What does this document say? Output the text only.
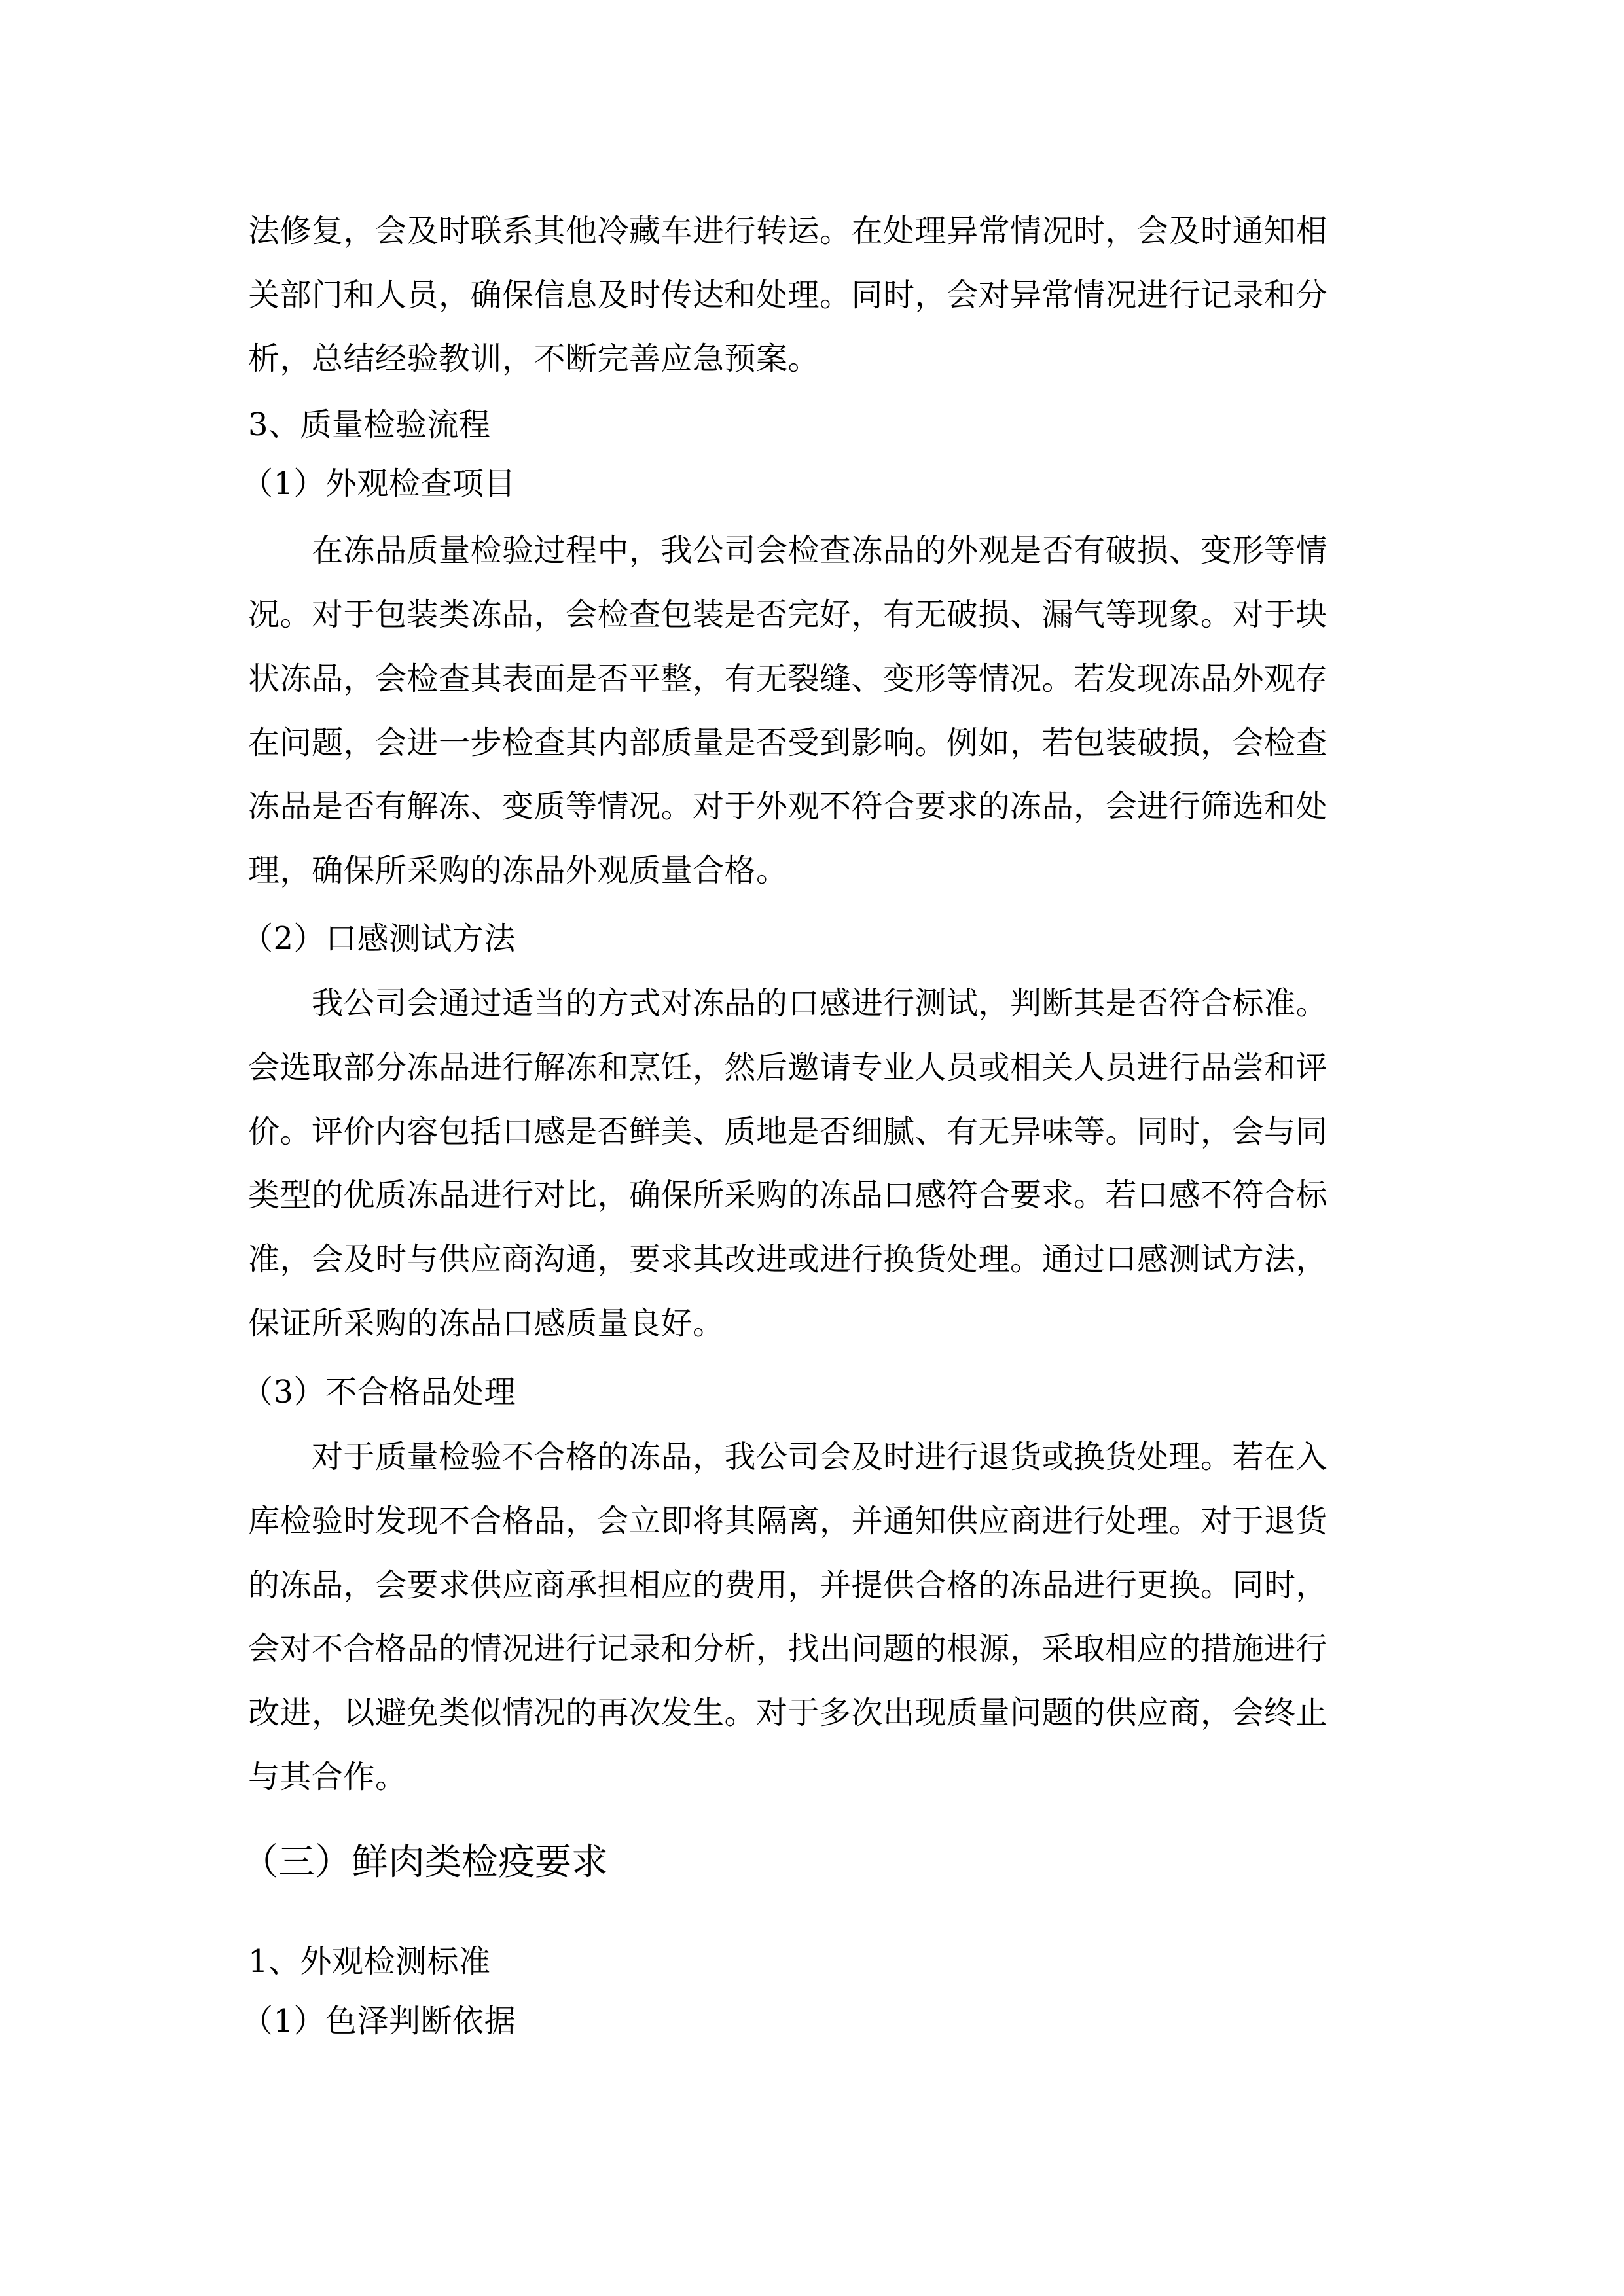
法修复，会及时联系其他冷藏车进行转运。在处理异常情况时，会及时通知相
关部门和人员，确保信息及时传达和处理。同时，会对异常情况进行记录和分
析，总结经验教训，不断完善应急预案。
3、质量检验流程
（1）外观检查项目
在冻品质量检验过程中，我公司会检查冻品的外观是否有破损、变形等情
况。对于包装类冻品，会检查包装是否完好，有无破损、漏气等现象。对于块
状冻品，会检查其表面是否平整，有无裂缝、变形等情况。若发现冻品外观存
在问题，会进一步检查其内部质量是否受到影响。例如，若包装破损，会检查
冻品是否有解冻、变质等情况。对于外观不符合要求的冻品，会进行筛选和处
理，确保所采购的冻品外观质量合格。
（2）口感测试方法
我公司会通过适当的方式对冻品的口感进行测试，判断其是否符合标准。
会选取部分冻品进行解冻和烹饪，然后邀请专业人员或相关人员进行品尝和评
价。评价内容包括口感是否鲜美、质地是否细腻、有无异味等。同时，会与同
类型的优质冻品进行对比，确保所采购的冻品口感符合要求。若口感不符合标
准，会及时与供应商沟通，要求其改进或进行换货处理。通过口感测试方法，
保证所采购的冻品口感质量良好。
（3）不合格品处理
对于质量检验不合格的冻品，我公司会及时进行退货或换货处理。若在入
库检验时发现不合格品，会立即将其隔离，并通知供应商进行处理。对于退货
的冻品，会要求供应商承担相应的费用，并提供合格的冻品进行更换。同时，
会对不合格品的情况进行记录和分析，找出问题的根源，采取相应的措施进行
改进，以避免类似情况的再次发生。对于多次出现质量问题的供应商，会终止
与其合作。
（三）鲜肉类检疫要求
1、外观检测标准
（1）色泽判断依据
